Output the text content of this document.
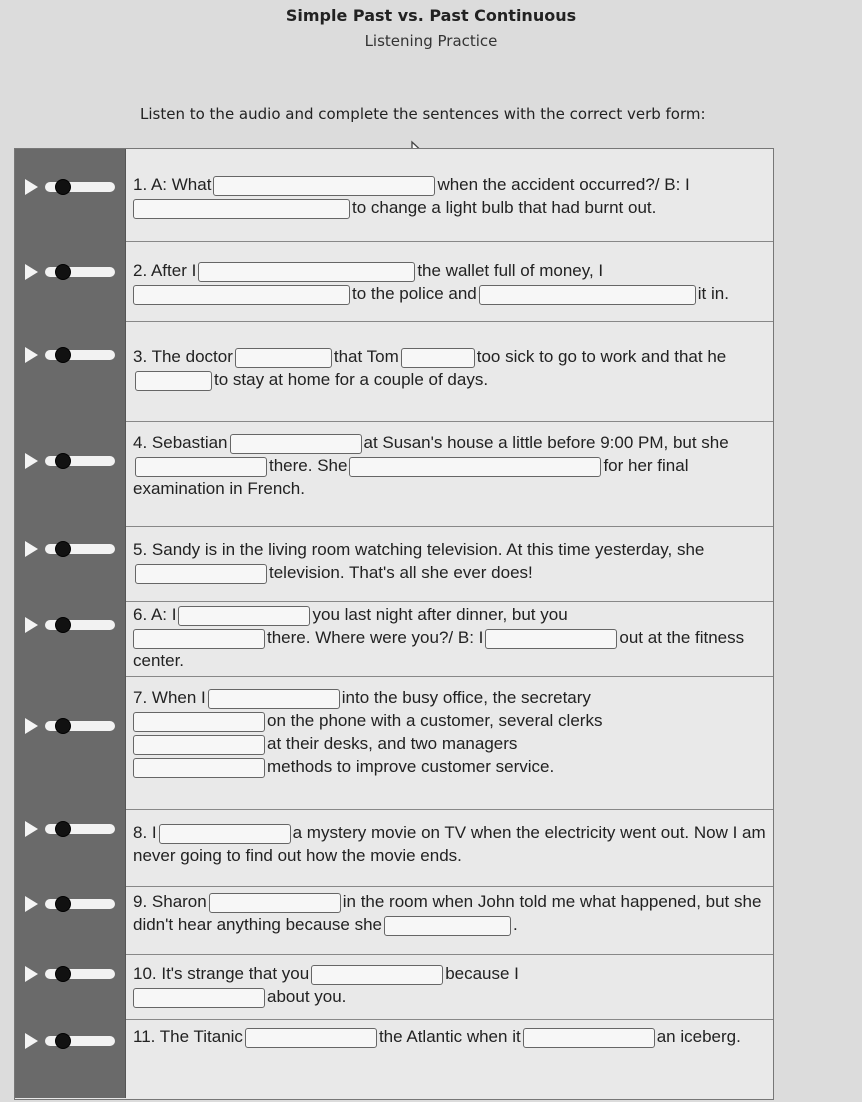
Simple Past vs. Past Continuous
Listening Practice
Listen to the audio and complete the sentences with the correct verb form:
1. A: What	when the accident occurred?/ B: I
to change a light bulb that had burnt out.
2. After I	the wallet full of money, I
to the police and	it in.
3. The doctor	that Tom	too sick to go to work and that heto stay at home for a couple of days.
4. Sebastian	at Susan's house a little before 9:00 PM, but shethere. She	for her final examination in French.
5. Sandy is in the living room watching television. At this time yesterday, shetelevision. That's all she ever does!
6. A: I	you last night after dinner, but you
there. Where were you?/ B: I	out at the fitness center.
7. When I	into the busy office, the secretary
on the phone with a customer, several clerks
at their desks, and two managers
methods to improve customer service.
8. I	a mystery movie on TV when the electricity went out. Now I am never going to find out how the movie ends.
9. Sharon	in the room when John told me what happened, but she didn't hear anything because she	.
10. It's strange that you	because I
about you.
11. The Titanic	the Atlantic when it	an iceberg.
